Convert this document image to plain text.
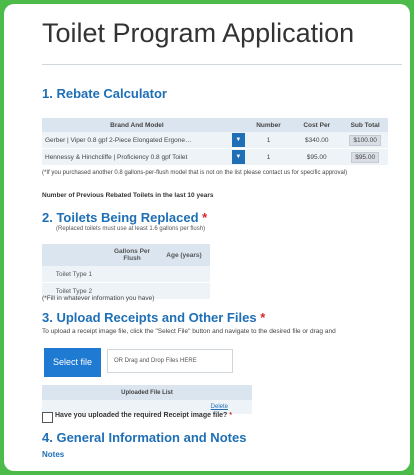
Toilet Program Application
1. Rebate Calculator
Brand And Model		Number	Cost Per	Sub Total
Gerber | Viper 0.8 gpf 2-Piece Elongated Ergone…	▼	1	$340.00	$100.00
Hennessy & Hinchcliffe | Proficiency 0.8 gpf Toilet	▼	1	$95.00	$95.00
(*If you purchased another 0.8 gallons-per-flush model that is not on the list please contact us for specific approval)
Number of Previous Rebated Toilets in the last 10 years
2. Toilets Being Replaced *
(Replaced toilets must use at least 1.6 gallons per flush)
	Gallons Per Flush	Age (years)
Toilet Type 1		
Toilet Type 2		
(*Fill in whatever information you have)
3. Upload Receipts and Other Files *
To upload a receipt image file, click the "Select File" button and navigate to the desired file or drag and
Select file	OR Drag and Drop Files HERE
Uploaded File List
Delete
Have you uploaded the required Receipt image file? *
4. General Information and Notes
Notes
